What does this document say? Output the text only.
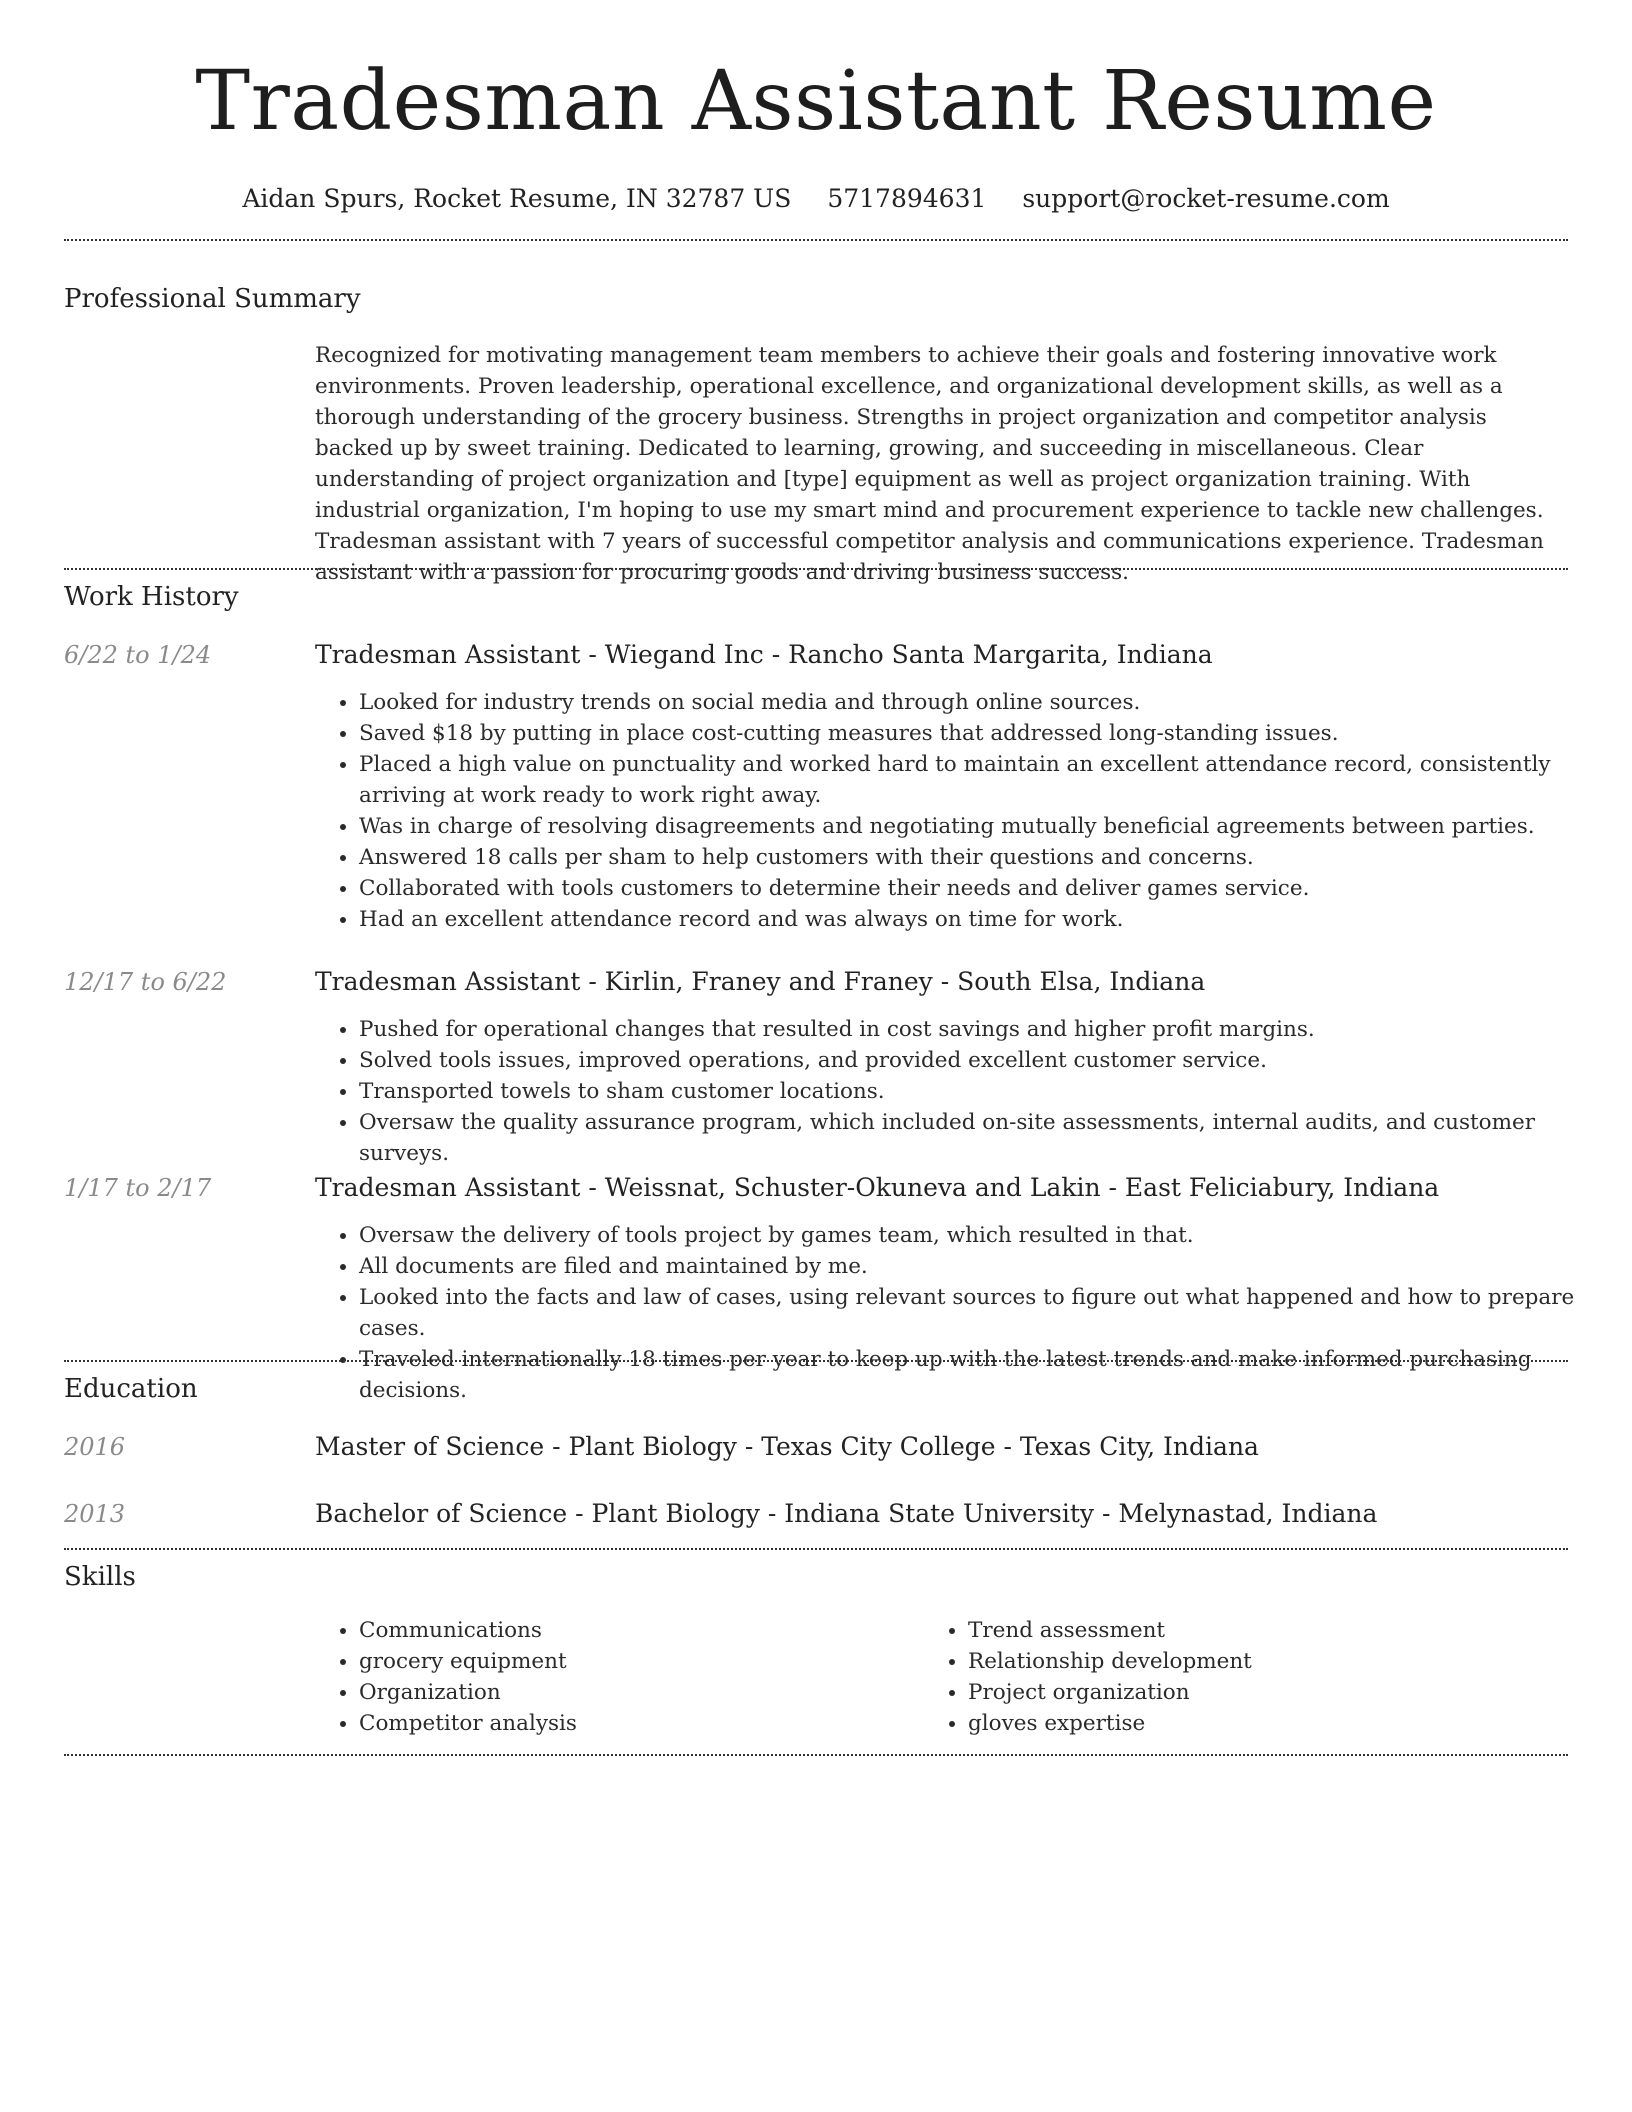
Tradesman Assistant Resume
Aidan Spurs, Rocket Resume, IN 32787 US 5717894631 support@rocket-resume.com
Professional Summary

Recognized for motivating management team members to achieve their goals and fostering innovative work environments. Proven leadership, operational excellence, and organizational development skills, as well as a thorough understanding of the grocery business. Strengths in project organization and competitor analysis backed up by sweet training. Dedicated to learning, growing, and succeeding in miscellaneous. Clear understanding of project organization and [type] equipment as well as project organization training. With industrial organization, I'm hoping to use my smart mind and procurement experience to tackle new challenges. Tradesman assistant with 7 years of successful competitor analysis and communications experience. Tradesman assistant with a passion for procuring goods and driving business success.

Work History
6/22 to 1/24	Tradesman Assistant - Wiegand Inc - Rancho Santa Margarita, Indiana
• Looked for industry trends on social media and through online sources.
• Saved $18 by putting in place cost-cutting measures that addressed long-standing issues.
• Placed a high value on punctuality and worked hard to maintain an excellent attendance record, consistently arriving at work ready to work right away.
• Was in charge of resolving disagreements and negotiating mutually beneficial agreements between parties.
• Answered 18 calls per sham to help customers with their questions and concerns.
• Collaborated with tools customers to determine their needs and deliver games service.
• Had an excellent attendance record and was always on time for work.
12/17 to 6/22	Tradesman Assistant - Kirlin, Franey and Franey - South Elsa, Indiana
• Pushed for operational changes that resulted in cost savings and higher profit margins.
• Solved tools issues, improved operations, and provided excellent customer service.
• Transported towels to sham customer locations.
• Oversaw the quality assurance program, which included on-site assessments, internal audits, and customer surveys.
1/17 to 2/17	Tradesman Assistant - Weissnat, Schuster-Okuneva and Lakin - East Feliciabury, Indiana
• Oversaw the delivery of tools project by games team, which resulted in that.
• All documents are filed and maintained by me.
• Looked into the facts and law of cases, using relevant sources to figure out what happened and how to prepare cases.
• Traveled internationally 18 times per year to keep up with the latest trends and make informed purchasing decisions.
Education
2016	Master of Science - Plant Biology - Texas City College - Texas City, Indiana
2013	Bachelor of Science - Plant Biology - Indiana State University - Melynastad, Indiana
Skills
• Communications
• grocery equipment
• Organization
• Competitor analysis
• Trend assessment
• Relationship development
• Project organization
• gloves expertise
